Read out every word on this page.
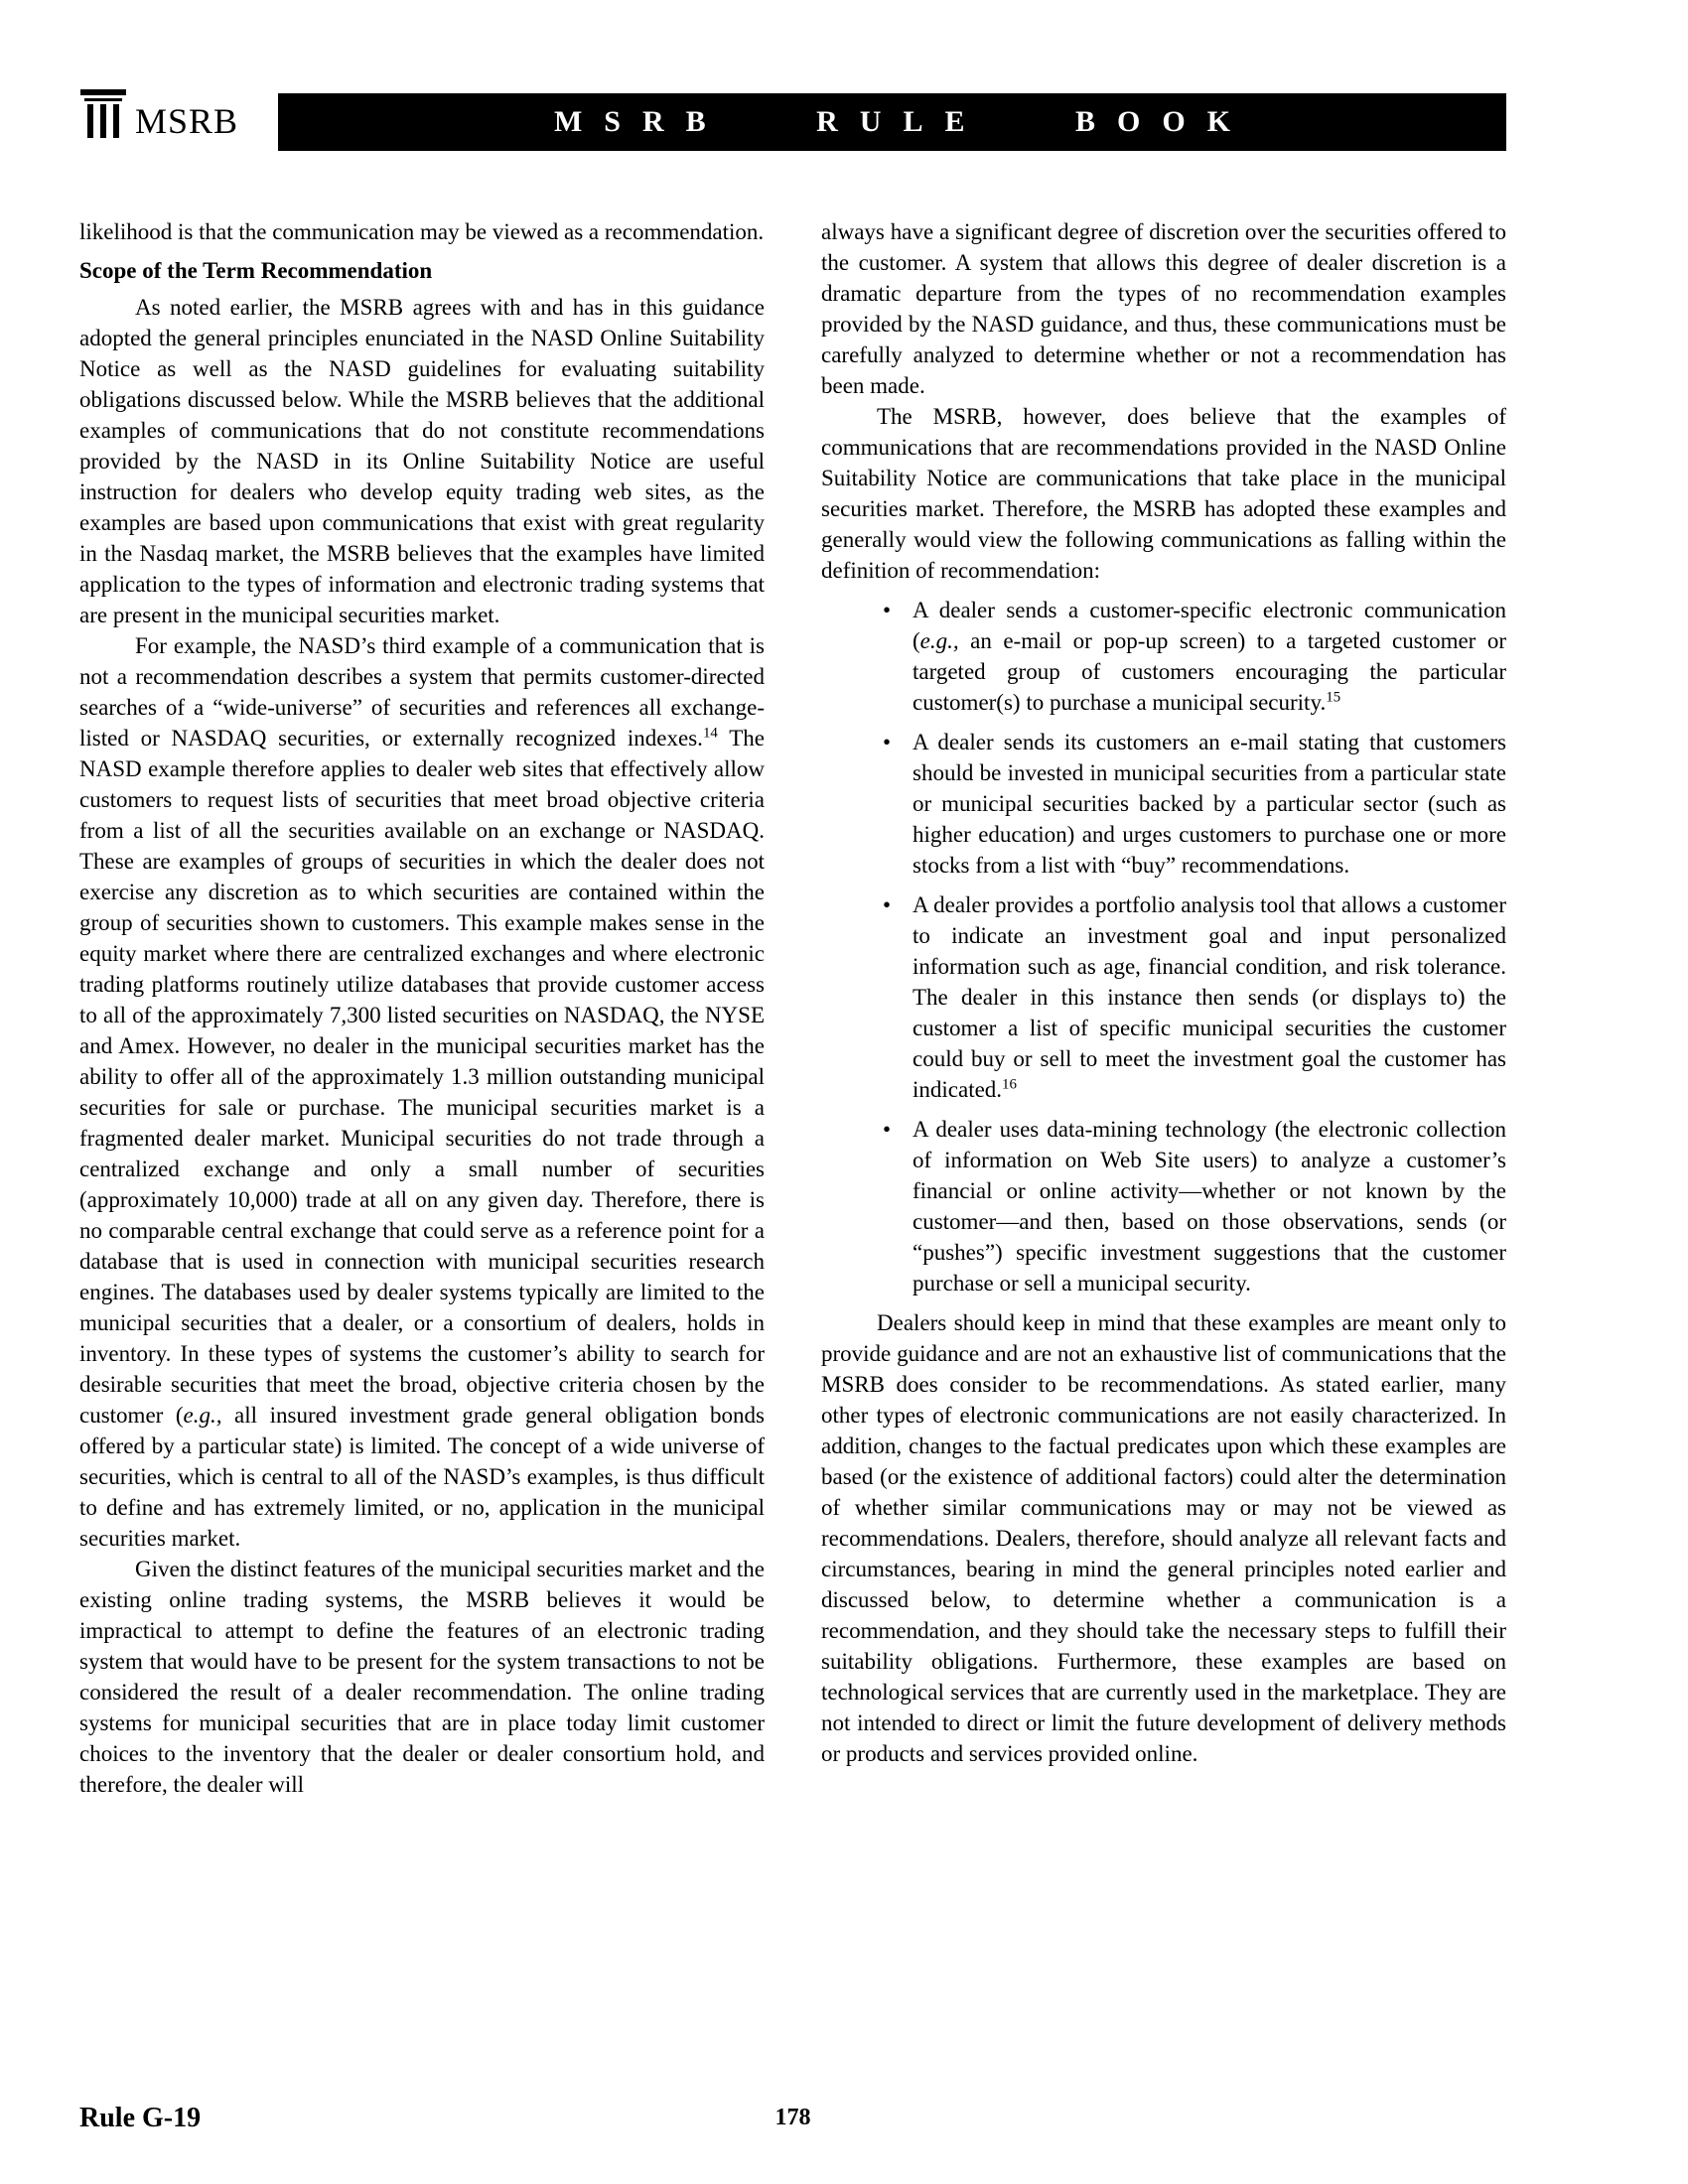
MSRB	MSRB RULE BOOK

likelihood is that the communication may be viewed as a recommendation.

Scope of the Term Recommendation

As noted earlier, the MSRB agrees with and has in this guidance adopted the general principles enunciated in the NASD Online Suitability Notice as well as the NASD guidelines for evaluating suitability obligations discussed below. While the MSRB believes that the additional examples of communications that do not constitute recommendations provided by the NASD in its Online Suitability Notice are useful instruction for dealers who develop equity trading web sites, as the examples are based upon communications that exist with great regularity in the Nasdaq market, the MSRB believes that the examples have limited application to the types of information and electronic trading systems that are present in the municipal securities market.

For example, the NASD’s third example of a communication that is not a recommendation describes a system that permits customer-directed searches of a “wide-universe” of securities and references all exchange-listed or NASDAQ securities, or externally recognized indexes.$^{14}$ The NASD example therefore applies to dealer web sites that effectively allow customers to request lists of securities that meet broad objective criteria from a list of all the securities available on an exchange or NASDAQ. These are examples of groups of securities in which the dealer does not exercise any discretion as to which securities are contained within the group of securities shown to customers. This example makes sense in the equity market where there are centralized exchanges and where electronic trading platforms routinely utilize databases that provide customer access to all of the approximately 7,300 listed securities on NASDAQ, the NYSE and Amex. However, no dealer in the municipal securities market has the ability to offer all of the approximately 1.3 million outstanding municipal securities for sale or purchase. The municipal securities market is a fragmented dealer market. Municipal securities do not trade through a centralized exchange and only a small number of securities (approximately 10,000) trade at all on any given day. Therefore, there is no comparable central exchange that could serve as a reference point for a database that is used in connection with municipal securities research engines. The databases used by dealer systems typically are limited to the municipal securities that a dealer, or a consortium of dealers, holds in inventory. In these types of systems the customer’s ability to search for desirable securities that meet the broad, objective criteria chosen by the customer (e.g., all insured investment grade general obligation bonds offered by a particular state) is limited. The concept of a wide universe of securities, which is central to all of the NASD’s examples, is thus difficult to define and has extremely limited, or no, application in the municipal securities market.

Given the distinct features of the municipal securities market and the existing online trading systems, the MSRB believes it would be impractical to attempt to define the features of an electronic trading system that would have to be present for the system transactions to not be considered the result of a dealer recommendation. The online trading systems for municipal securities that are in place today limit customer choices to the inventory that the dealer or dealer consortium hold, and therefore, the dealer will

always have a significant degree of discretion over the securities offered to the customer. A system that allows this degree of dealer discretion is a dramatic departure from the types of no recommendation examples provided by the NASD guidance, and thus, these communications must be carefully analyzed to determine whether or not a recommendation has been made.

The MSRB, however, does believe that the examples of communications that are recommendations provided in the NASD Online Suitability Notice are communications that take place in the municipal securities market. Therefore, the MSRB has adopted these examples and generally would view the following communications as falling within the definition of recommendation:

• A dealer sends a customer-specific electronic communication (e.g., an e-mail or pop-up screen) to a targeted customer or targeted group of customers encouraging the particular customer(s) to purchase a municipal security.$^{15}$
• A dealer sends its customers an e-mail stating that customers should be invested in municipal securities from a particular state or municipal securities backed by a particular sector (such as higher education) and urges customers to purchase one or more stocks from a list with “buy” recommendations.
• A dealer provides a portfolio analysis tool that allows a customer to indicate an investment goal and input personalized information such as age, financial condition, and risk tolerance. The dealer in this instance then sends (or displays to) the customer a list of specific municipal securities the customer could buy or sell to meet the investment goal the customer has indicated.$^{16}$
• A dealer uses data-mining technology (the electronic collection of information on Web Site users) to analyze a customer’s financial or online activity—whether or not known by the customer—and then, based on those observations, sends (or “pushes”) specific investment suggestions that the customer purchase or sell a municipal security.

Dealers should keep in mind that these examples are meant only to provide guidance and are not an exhaustive list of communications that the MSRB does consider to be recommendations. As stated earlier, many other types of electronic communications are not easily characterized. In addition, changes to the factual predicates upon which these examples are based (or the existence of additional factors) could alter the determination of whether similar communications may or may not be viewed as recommendations. Dealers, therefore, should analyze all relevant facts and circumstances, bearing in mind the general principles noted earlier and discussed below, to determine whether a communication is a recommendation, and they should take the necessary steps to fulfill their suitability obligations. Furthermore, these examples are based on technological services that are currently used in the marketplace. They are not intended to direct or limit the future development of delivery methods or products and services provided online.

178
Rule G-19
